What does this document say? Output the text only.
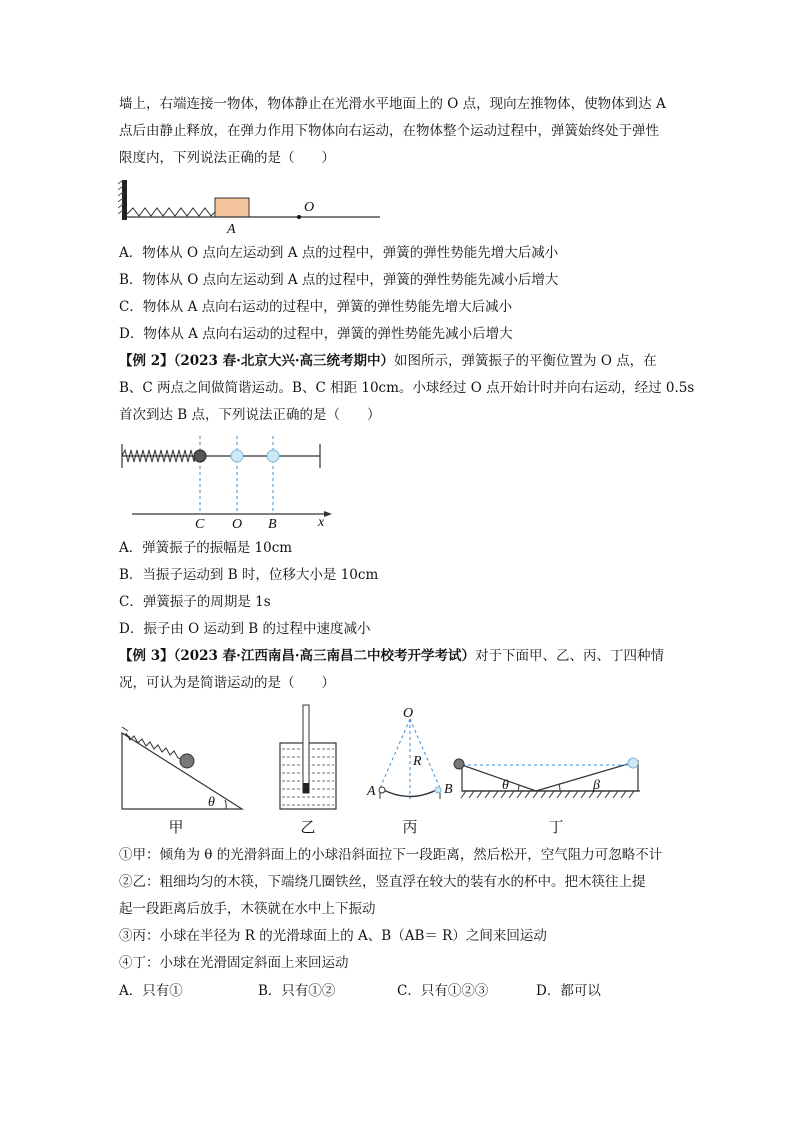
墙上，右端连接一物体，物体静止在光滑水平地面上的 O 点，现向左推物体，使物体到达 A
点后由静止释放，在弹力作用下物体向右运动，在物体整个运动过程中，弹簧始终处于弹性
限度内，下列说法正确的是（　　）
A
O
A．物体从 O 点向左运动到 A 点的过程中，弹簧的弹性势能先增大后减小
B．物体从 O 点向左运动到 A 点的过程中，弹簧的弹性势能先减小后增大
C．物体从 A 点向右运动的过程中，弹簧的弹性势能先增大后减小
D．物体从 A 点向右运动的过程中，弹簧的弹性势能先减小后增大
【例 2】（2023 春·北京大兴·高三统考期中）如图所示，弹簧振子的平衡位置为 O 点，在
B、C 两点之间做简谐运动。B、C 相距 10cm。小球经过 O 点开始计时并向右运动，经过 0.5s
首次到达 B 点，下列说法正确的是（　　）
C O B	x
A．弹簧振子的振幅是 10cm
B．当振子运动到 B 时，位移大小是 10cm
C．弹簧振子的周期是 1s
D．振子由 O 运动到 B 的过程中速度减小
【例 3】（2023 春·江西南昌·高三南昌二中校考开学考试）对于下面甲、乙、丙、丁四种情
况，可认为是简谐运动的是（　　）
θ
O
R
A	B	θ	β
甲	乙	丙	丁
①甲：倾角为 θ 的光滑斜面上的小球沿斜面拉下一段距离，然后松开，空气阻力可忽略不计
②乙：粗细均匀的木筷，下端绕几圈铁丝，竖直浮在较大的装有水的杯中。把木筷往上提
起一段距离后放手，木筷就在水中上下振动
③丙：小球在半径为 R 的光滑球面上的 A、B（AB＝ R）之间来回运动
④丁：小球在光滑固定斜面上来回运动
A．只有①	B．只有①②	C．只有①②③	D．都可以
